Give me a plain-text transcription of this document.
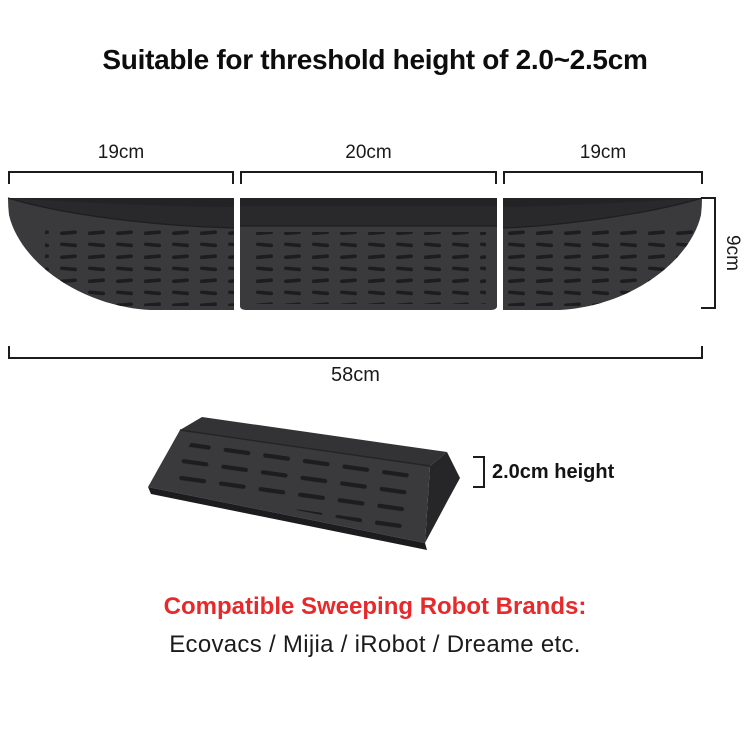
Suitable for threshold height of 2.0~2.5cm
19cm	20cm	19cm
9cm
58cm
2.0cm height
Compatible Sweeping Robot Brands:
Ecovacs / Mijia / iRobot / Dreame etc.
